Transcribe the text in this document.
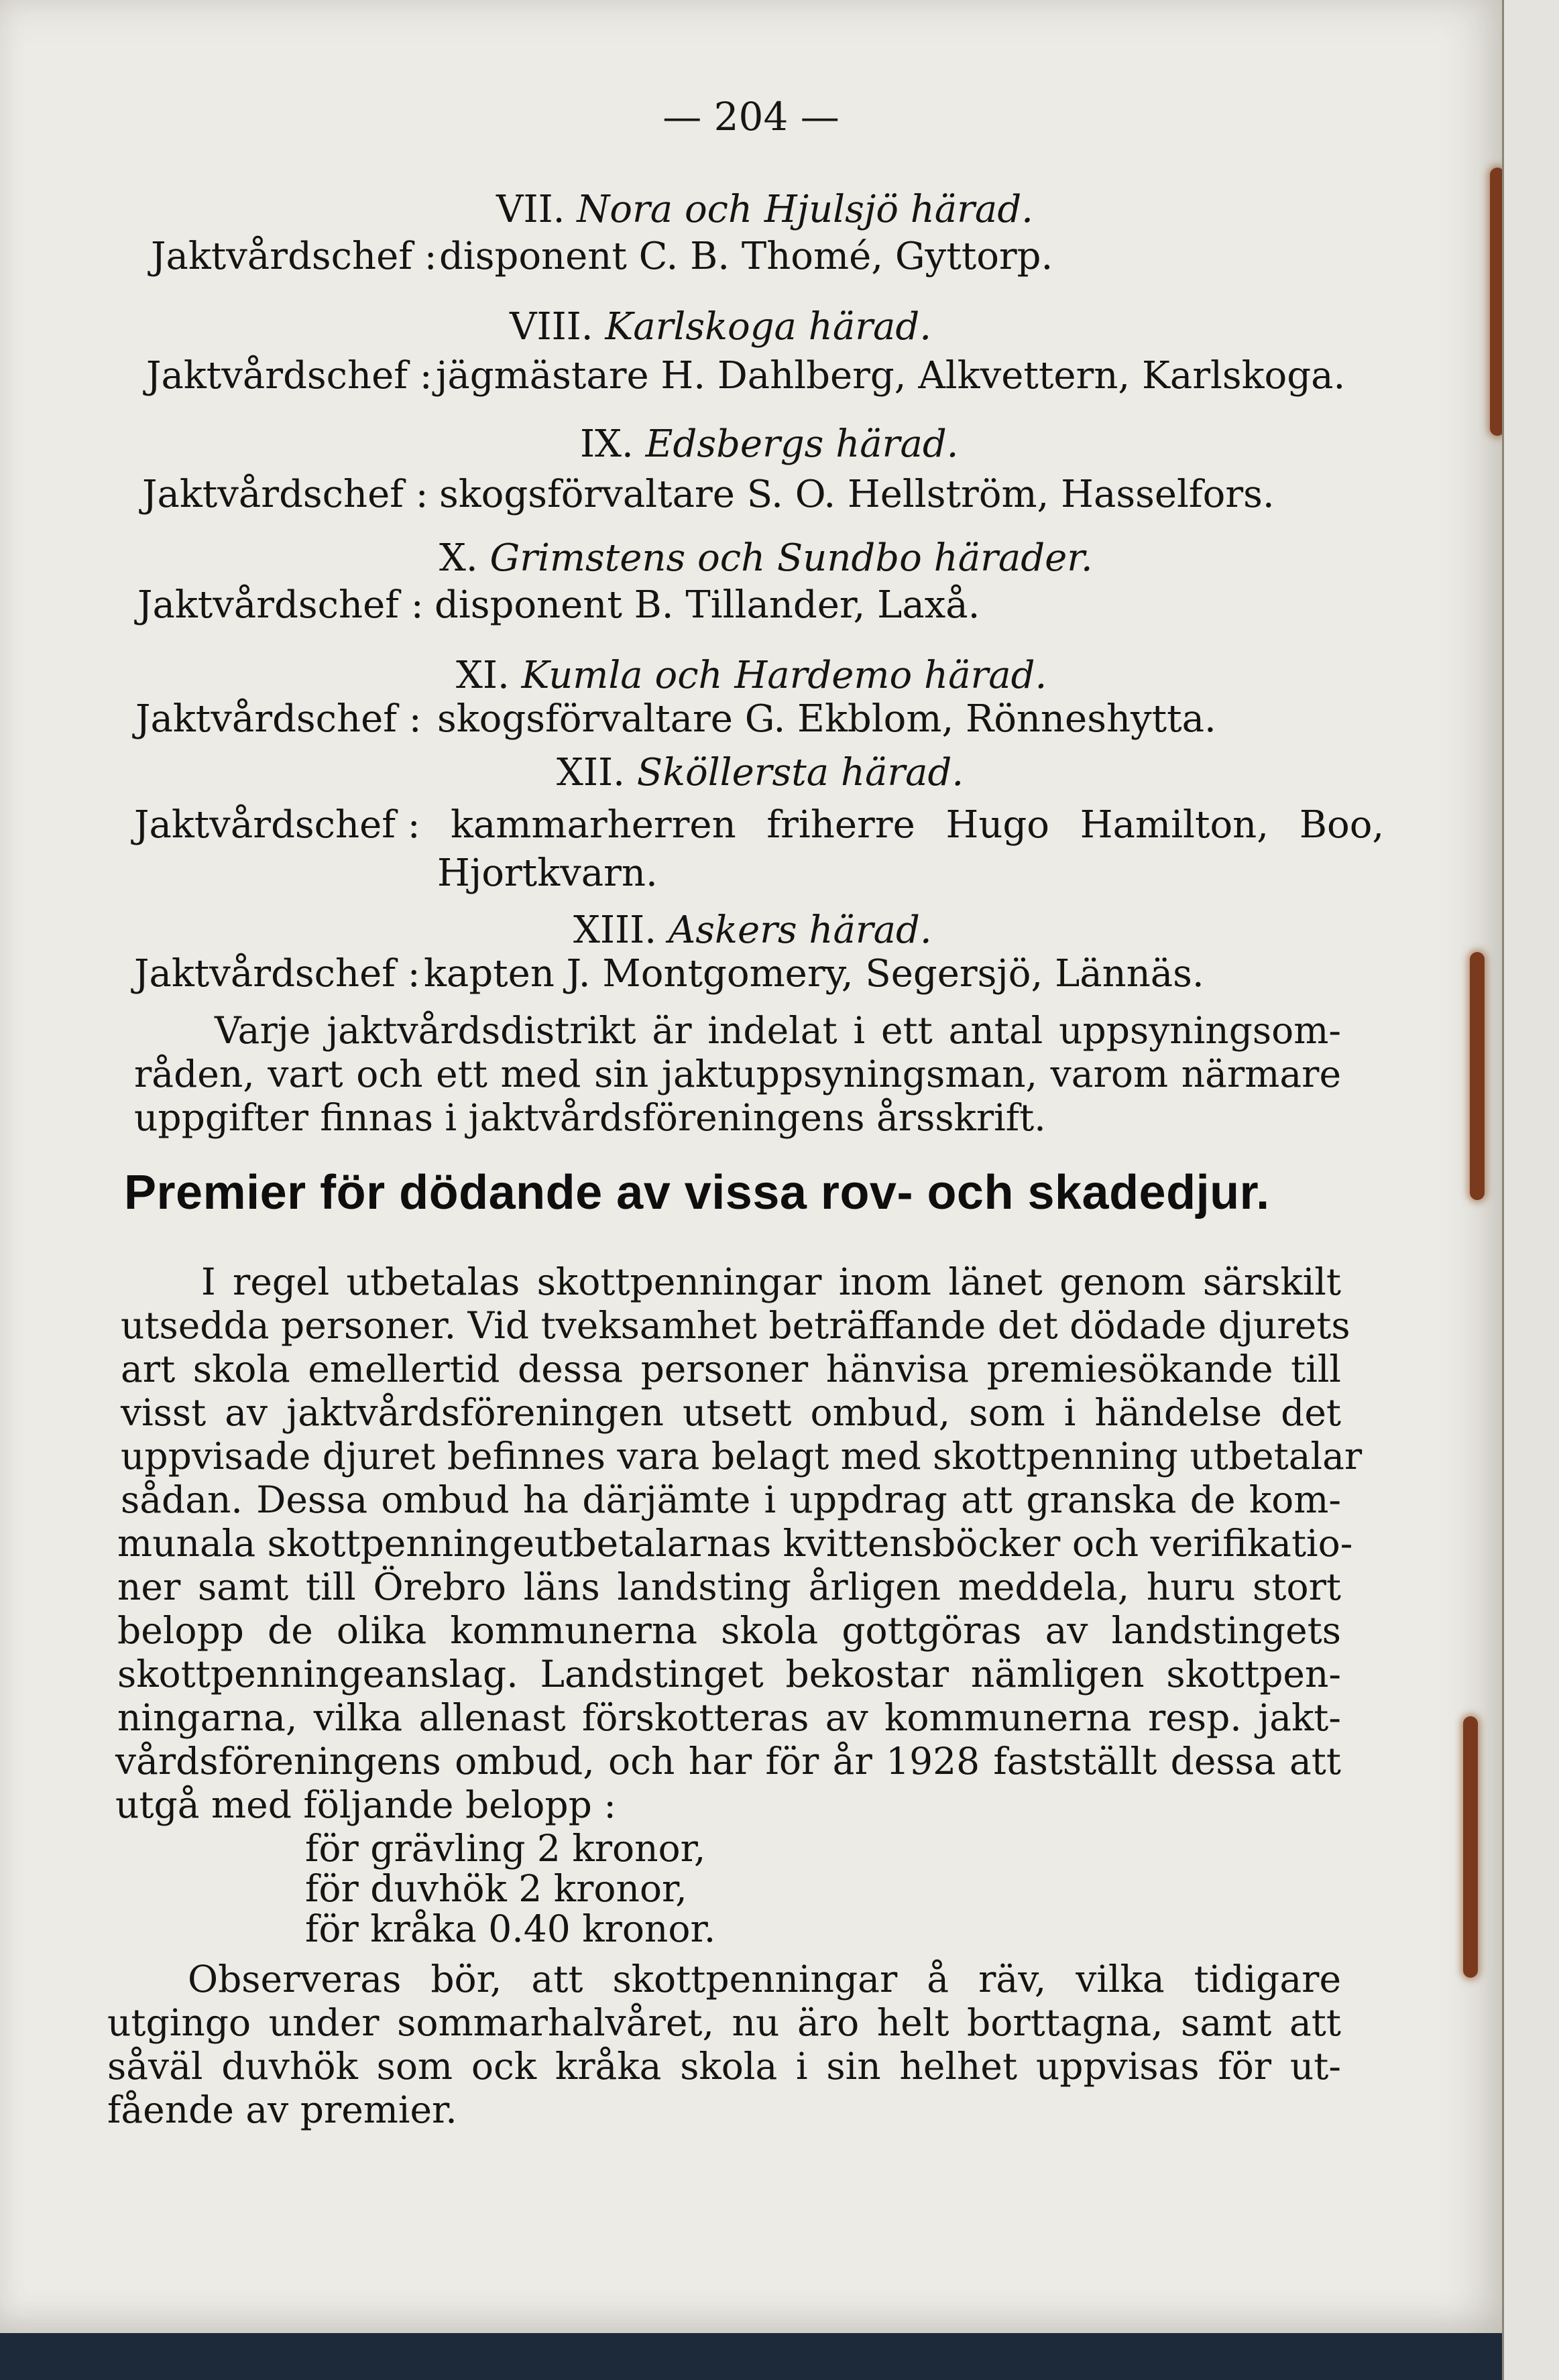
— 204 —
VII. Nora och Hjulsjö härad.
Jaktvårdschef : disponent C. B. Thomé, Gyttorp.
VIII. Karlskoga härad.
Jaktvårdschef : jägmästare H. Dahlberg, Alkvettern, Karlskoga.
IX. Edsbergs härad.
Jaktvårdschef : skogsförvaltare S. O. Hellström, Hasselfors.
X. Grimstens och Sundbo härader.
Jaktvårdschef : disponent B. Tillander, Laxå.
XI. Kumla och Hardemo härad.
Jaktvårdschef : skogsförvaltare G. Ekblom, Rönneshytta.
XII. Sköllersta härad.
Jaktvårdschef : kammarherren friherre Hugo Hamilton, Boo,
Hjortkvarn.
XIII. Askers härad.
Jaktvårdschef : kapten J. Montgomery, Segersjö, Lännäs.

Varje jaktvårdsdistrikt är indelat i ett antal uppsyningsom-

råden, vart och ett med sin jaktuppsyningsman, varom närmare

uppgifter finnas i jaktvårdsföreningens årsskrift.

Premier för dödande av vissa rov- och skadedjur.

I regel utbetalas skottpenningar inom länet genom särskilt

utsedda personer. Vid tveksamhet beträffande det dödade djurets

art skola emellertid dessa personer hänvisa premiesökande till

visst av jaktvårdsföreningen utsett ombud, som i händelse det

uppvisade djuret befinnes vara belagt med skottpenning utbetalar

sådan. Dessa ombud ha därjämte i uppdrag att granska de kom-

munala skottpenningeutbetalarnas kvittensböcker och verifikatio-

ner samt till Örebro läns landsting årligen meddela, huru stort

belopp de olika kommunerna skola gottgöras av landstingets

skottpenningeanslag. Landstinget bekostar nämligen skottpen-

ningarna, vilka allenast förskotteras av kommunerna resp. jakt-

vårdsföreningens ombud, och har för år 1928 fastställt dessa att

utgå med följande belopp :

för grävling 2 kronor,

för duvhök 2 kronor,

för kråka 0.40 kronor.

Observeras bör, att skottpenningar å räv, vilka tidigare

utgingo under sommarhalvåret, nu äro helt borttagna, samt att

såväl duvhök som ock kråka skola i sin helhet uppvisas för ut-

fående av premier.
